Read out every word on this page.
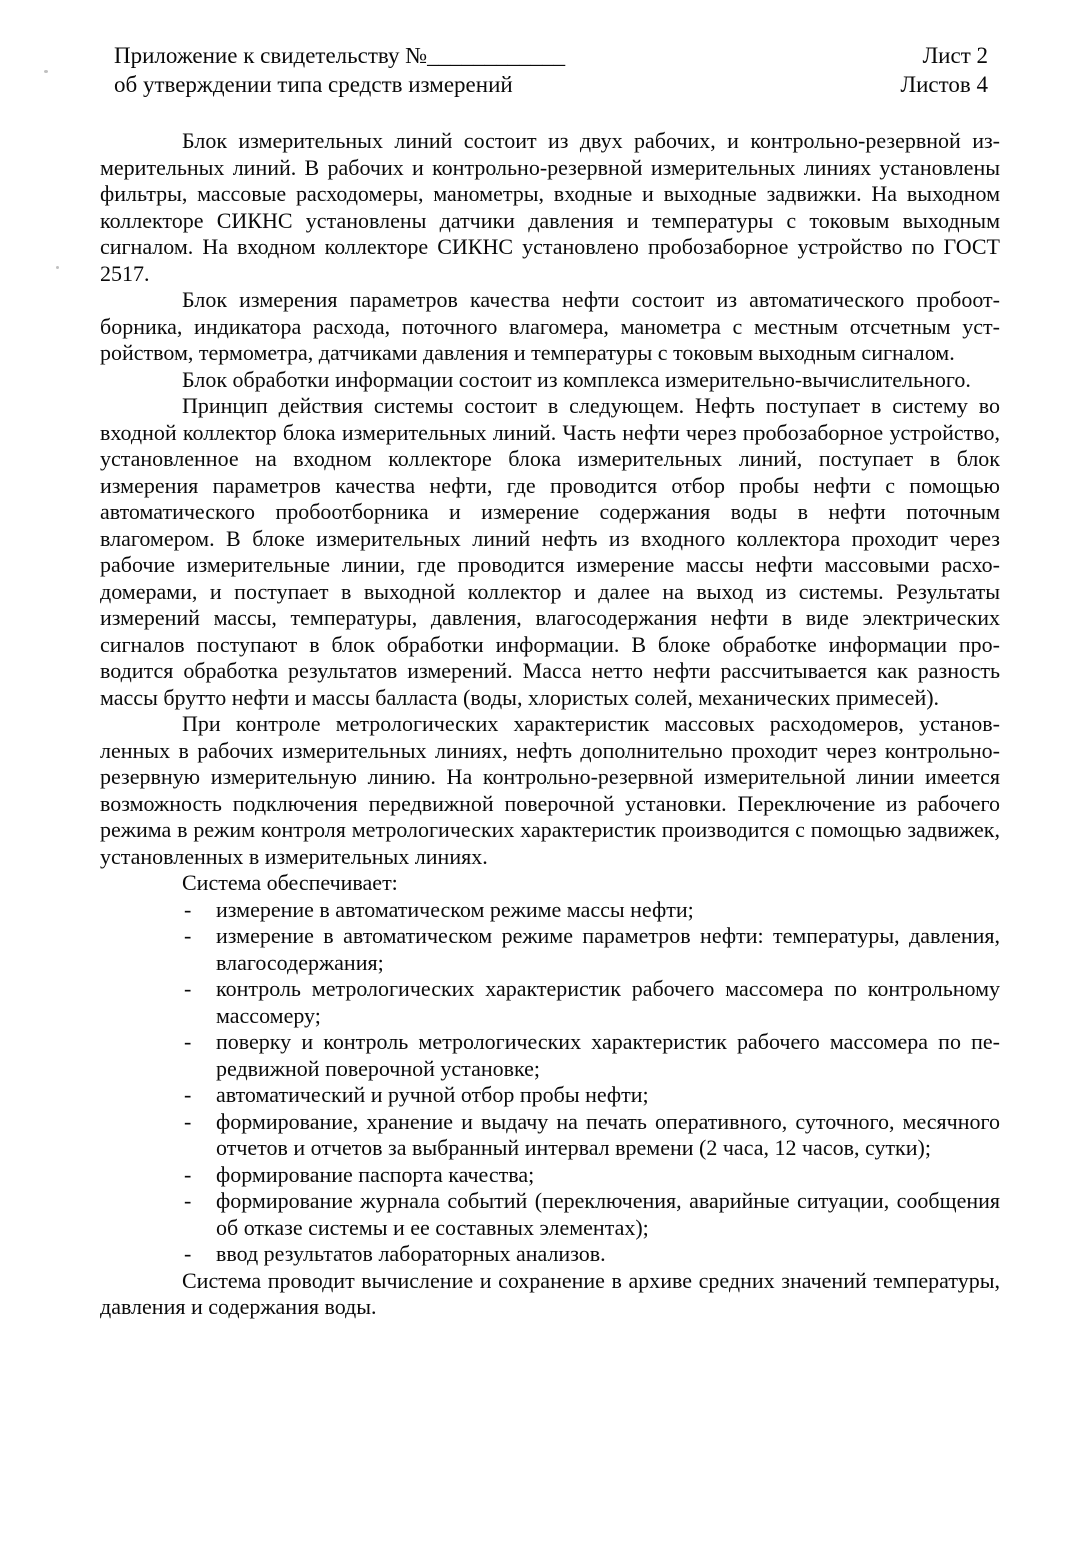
Приложение к свидетельству №____________
об утверждении типа средств измерений
Лист 2
Листов 4

Блок измерительных линий состоит из двух рабочих, и контрольно-резервной измерительных линий. В рабочих и контрольно-резервной измерительных линиях установлены фильтры, массовые расходомеры, манометры, входные и выходные задвижки. На выходном коллекторе СИКНС установлены датчики давления и температуры с токовым выходным сигналом. На входном коллекторе СИКНС установлено пробозаборное устройство по ГОСТ 2517.

Блок измерения параметров качества нефти состоит из автоматического пробоотборника, индикатора расхода, поточного влагомера, манометра с местным отсчетным устройством, термометра, датчиками давления и температуры с токовым выходным сигналом.

Блок обработки информации состоит из комплекса измерительно-вычислительного.

Принцип действия системы состоит в следующем. Нефть поступает в систему во входной коллектор блока измерительных линий. Часть нефти через пробозаборное устройство, установленное на входном коллекторе блока измерительных линий, поступает в блок измерения параметров качества нефти, где проводится отбор пробы нефти с помощью автоматического пробоотборника и измерение содержания воды в нефти поточным влагомером. В блоке измерительных линий нефть из входного коллектора проходит через рабочие измерительные линии, где проводится измерение массы нефти массовыми расходомерами, и поступает в выходной коллектор и далее на выход из системы. Результаты измерений массы, температуры, давления, влагосодержания нефти в виде электрических сигналов поступают в блок обработки информации. В блоке обработке информации проводится обработка результатов измерений. Масса нетто нефти рассчитывается как разность массы брутто нефти и массы балласта (воды, хлористых солей, механических примесей).

При контроле метрологических характеристик массовых расходомеров, установленных в рабочих измерительных линиях, нефть дополнительно проходит через контрольно-резервную измерительную линию. На контрольно-резервной измерительной линии имеется возможность подключения передвижной поверочной установки. Переключение из рабочего режима в режим контроля метрологических характеристик производится с помощью задвижек, установленных в измерительных линиях.

Система обеспечивает:

- измерение в автоматическом режиме массы нефти;
- измерение в автоматическом режиме параметров нефти: температуры, давления, влагосодержания;
- контроль метрологических характеристик рабочего массомера по контрольному массомеру;
- поверку и контроль метрологических характеристик рабочего массомера по передвижной поверочной установке;
- автоматический и ручной отбор пробы нефти;
- формирование, хранение и выдачу на печать оперативного, суточного, месячного отчетов и отчетов за выбранный интервал времени (2 часа, 12 часов, сутки);
- формирование паспорта качества;
- формирование журнала событий (переключения, аварийные ситуации, сообщения об отказе системы и ее составных элементах);
- ввод результатов лабораторных анализов.

Система проводит вычисление и сохранение в архиве средних значений температуры, давления и содержания воды.
